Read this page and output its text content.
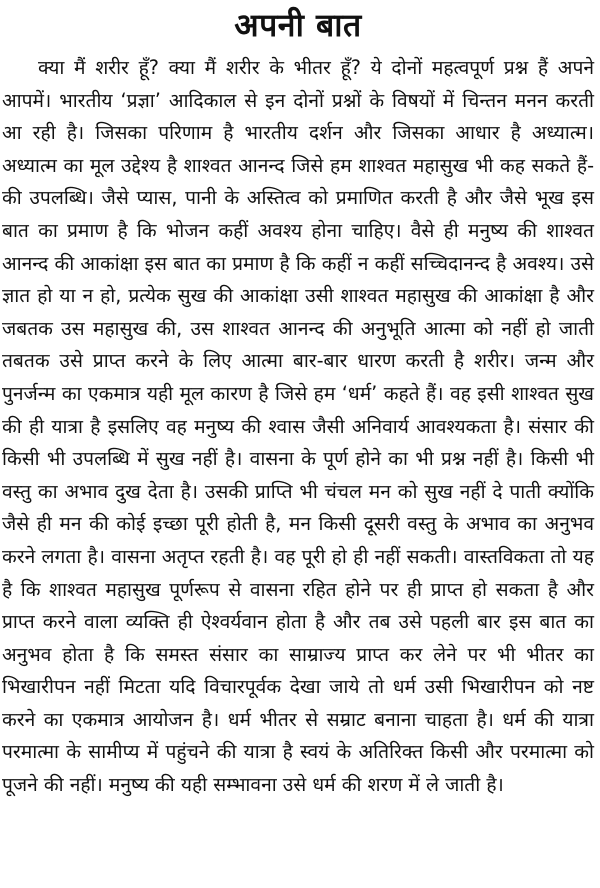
अपनी बात

क्या मैं शरीर हूँ? क्या मैं शरीर के भीतर हूँ? ये दोनों महत्वपूर्ण प्रश्न हैं अपने आपमें। भारतीय ‘प्रज्ञा’ आदिकाल से इन दोनों प्रश्नों के विषयों में चिन्तन मनन करती आ रही है। जिसका परिणाम है भारतीय दर्शन और जिसका आधार है अध्यात्म। अध्यात्म का मूल उद्देश्य है शाश्वत आनन्द जिसे हम शाश्वत महासुख भी कह सकते हैं- की उपलब्धि। जैसे प्यास, पानी के अस्तित्व को प्रमाणित करती है और जैसे भूख इस बात का प्रमाण है कि भोजन कहीं अवश्य होना चाहिए। वैसे ही मनुष्य की शाश्वत आनन्द की आकांक्षा इस बात का प्रमाण है कि कहीं न कहीं सच्चिदानन्द है अवश्य। उसे ज्ञात हो या न हो, प्रत्येक सुख की आकांक्षा उसी शाश्वत महासुख की आकांक्षा है और जबतक उस महासुख की, उस शाश्वत आनन्द की अनुभूति आत्मा को नहीं हो जाती तबतक उसे प्राप्त करने के लिए आत्मा बार-बार धारण करती है शरीर। जन्म और पुनर्जन्म का एकमात्र यही मूल कारण है जिसे हम ‘धर्म’ कहते हैं। वह इसी शाश्वत सुख की ही यात्रा है इसलिए वह मनुष्य की श्वास जैसी अनिवार्य आवश्यकता है। संसार की किसी भी उपलब्धि में सुख नहीं है। वासना के पूर्ण होने का भी प्रश्न नहीं है। किसी भी वस्तु का अभाव दुख देता है। उसकी प्राप्ति भी चंचल मन को सुख नहीं दे पाती क्योंकि जैसे ही मन की कोई इच्छा पूरी होती है, मन किसी दूसरी वस्तु के अभाव का अनुभव करने लगता है। वासना अतृप्त रहती है। वह पूरी हो ही नहीं सकती। वास्तविकता तो यह है कि शाश्वत महासुख पूर्णरूप से वासना रहित होने पर ही प्राप्त हो सकता है और प्राप्त करने वाला व्यक्ति ही ऐश्वर्यवान होता है और तब उसे पहली बार इस बात का अनुभव होता है कि समस्त संसार का साम्राज्य प्राप्त कर लेने पर भी भीतर का भिखारीपन नहीं मिटता यदि विचारपूर्वक देखा जाये तो धर्म उसी भिखारीपन को नष्ट करने का एकमात्र आयोजन है। धर्म भीतर से सम्राट बनाना चाहता है। धर्म की यात्रा परमात्मा के सामीप्य में पहुंचने की यात्रा है स्वयं के अतिरिक्त किसी और परमात्मा को पूजने की नहीं। मनुष्य की यही सम्भावना उसे धर्म की शरण में ले जाती है।
